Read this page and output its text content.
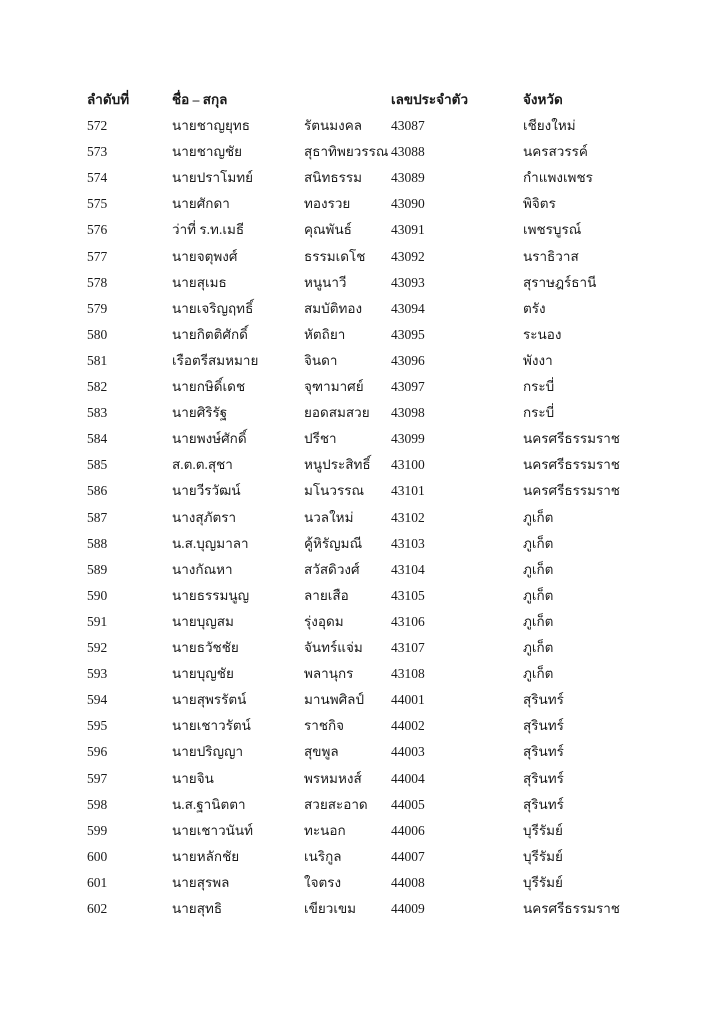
ลำดับที่	ชื่อ – สกุล	เลขประจำตัว	จังหวัด
572	นายชาญยุทธ	รัตนมงคล 43087	เชียงใหม่
573	นายชาญชัย	สุธาทิพยวรรณ 43088	นครสวรรค์
574	นายปราโมทย์	สนิทธรรม 43089	กำแพงเพชร
575	นายศักดา	ทองรวย	43090	พิจิตร
576	ว่าที่ ร.ท.เมธี	คุณพันธ์	43091	เพชรบูรณ์
577	นายจตุพงศ์	ธรรมเดโช 43092	นราธิวาส
578	นายสุเมธ	หนูนาวี	43093	สุราษฎร์ธานี
579	นายเจริญฤทธิ์	สมบัติทอง 43094	ตรัง
580	นายกิตติศักดิ์	หัตถิยา	43095	ระนอง
581	เรือตรีสมหมาย	จินดา	43096	พังงา
582	นายกษิดิ์เดช	จุฑามาศย์ 43097	กระบี่
583	นายศิริรัฐ	ยอดสมสวย 43098	กระบี่
584	นายพงษ์ศักดิ์	ปรีชา	43099	นครศรีธรรมราช
585	ส.ต.ต.สุชา	หนูประสิทธิ์ 43100	นครศรีธรรมราช
586	นายวีรวัฒน์	มโนวรรณ 43101	นครศรีธรรมราช
587	นางสุภัตรา	นวลใหม่	43102	ภูเก็ต
588	น.ส.บุญมาลา	คู้หิรัญมณี 43103	ภูเก็ต
589	นางกัณหา	สวัสดิวงศ์ 43104	ภูเก็ต
590	นายธรรมนูญ	ลายเสือ	43105	ภูเก็ต
591	นายบุญสม	รุ่งอุดม	43106	ภูเก็ต
592	นายธวัชชัย	จันทร์แจ่ม 43107	ภูเก็ต
593	นายบุญชัย	พลานุกร	43108	ภูเก็ต
594	นายสุพรรัตน์	มานพศิลป์ 44001	สุรินทร์
595	นายเชาวรัตน์	ราชกิจ	44002	สุรินทร์
596	นายปริญญา	สุขพูล	44003	สุรินทร์
597	นายจิน	พรหมหงส์ 44004	สุรินทร์
598	น.ส.ฐานิตตา	สวยสะอาด 44005	สุรินทร์
599	นายเชาวนันท์	ทะนอก	44006	บุรีรัมย์
600	นายหลักชัย	เนริกูล	44007	บุรีรัมย์
601	นายสุรพล	ใจตรง	44008	บุรีรัมย์
602	นายสุทธิ	เขียวเขม	44009	นครศรีธรรมราช
